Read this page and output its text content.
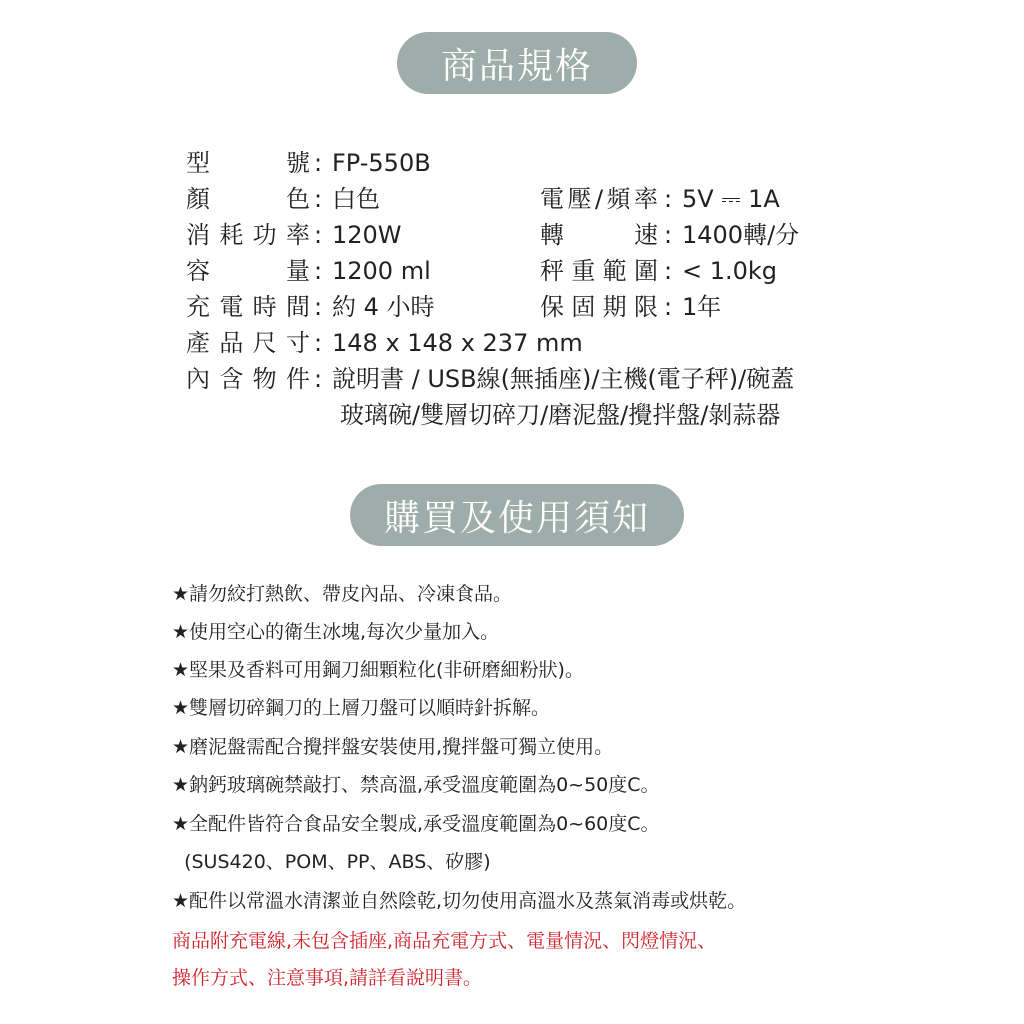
商品規格
型號 : FP-550B
顏色 : 白色
消耗功率 : 120W
容量 : 1200 ml
充電時間 : 約 4 小時
產品尺寸 : 148 x 148 x 237 mm
內含物件 : 說明書 / USB線(無插座)/主機(電子秤)/碗蓋
玻璃碗/雙層切碎刀/磨泥盤/攪拌盤/剝蒜器
電壓/頻率 : 5V ⎓ 1A
轉速 : 1400轉/分
秤重範圍 : < 1.0kg
保固期限 : 1年
購買及使用須知
★請勿絞打熱飲、帶皮內品、冷凍食品。
★使用空心的衛生冰塊,每次少量加入。
★堅果及香料可用鋼刀細顆粒化(非研磨細粉狀)。
★雙層切碎鋼刀的上層刀盤可以順時針拆解。
★磨泥盤需配合攪拌盤安裝使用,攪拌盤可獨立使用。
★鈉鈣玻璃碗禁敲打、禁高溫,承受溫度範圍為0~50度C。
★全配件皆符合食品安全製成,承受溫度範圍為0~60度C。
(SUS420、POM、PP、ABS、矽膠)
★配件以常溫水清潔並自然陰乾,切勿使用高溫水及蒸氣消毒或烘乾。
商品附充電線,未包含插座,商品充電方式、電量情況、閃燈情況、
操作方式、注意事項,請詳看說明書。
